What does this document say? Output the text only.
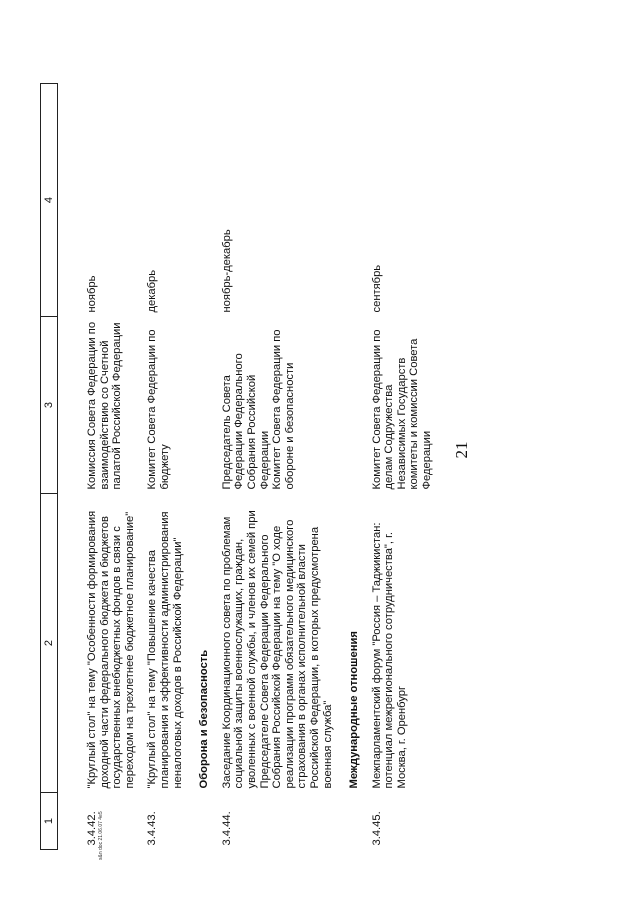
21
s&n doc 21.06.07 4e5
1	2	3	4
3.4.42.	"Круглый стол" на тему "Особенности формирования доходной части федерального бюджета и бюджетов государственных внебюджетных фондов в связи с переходом на трехлетнее бюджетное планирование"	Комиссия Совета Федерации по взаимодействию со Счетной палатой Российской Федерации	ноябрь
3.4.43.	"Круглый стол" на тему "Повышение качества планирования и эффективности администрирования неналоговых доходов в Российской Федерации"	Комитет Совета Федерации по бюджету	декабрь
	Оборона и безопасность		
3.4.44.	Заседание Координационного совета по проблемам социальной защиты военнослужащих, граждан, уволенных с военной службы, и членов их семей при Председателе Совета Федерации Федерального Собрания Российской Федерации на тему "О ходе реализации программ обязательного медицинского страхования в органах исполнительной власти Российской Федерации, в которых предусмотрена военная служба"	Председатель Совета Федерации Федерального Собрания Российской Федерации Комитет Совета Федерации по обороне и безопасности	ноябрь-декабрь
	Международные отношения		
3.4.45.	Межпарламентский форум "Россия – Таджикистан: потенциал межрегионального сотрудничества", г. Москва, г. Оренбург	Комитет Совета Федерации по делам Содружества Независимых Государств комитеты и комиссии Совета Федерации	сентябрь
